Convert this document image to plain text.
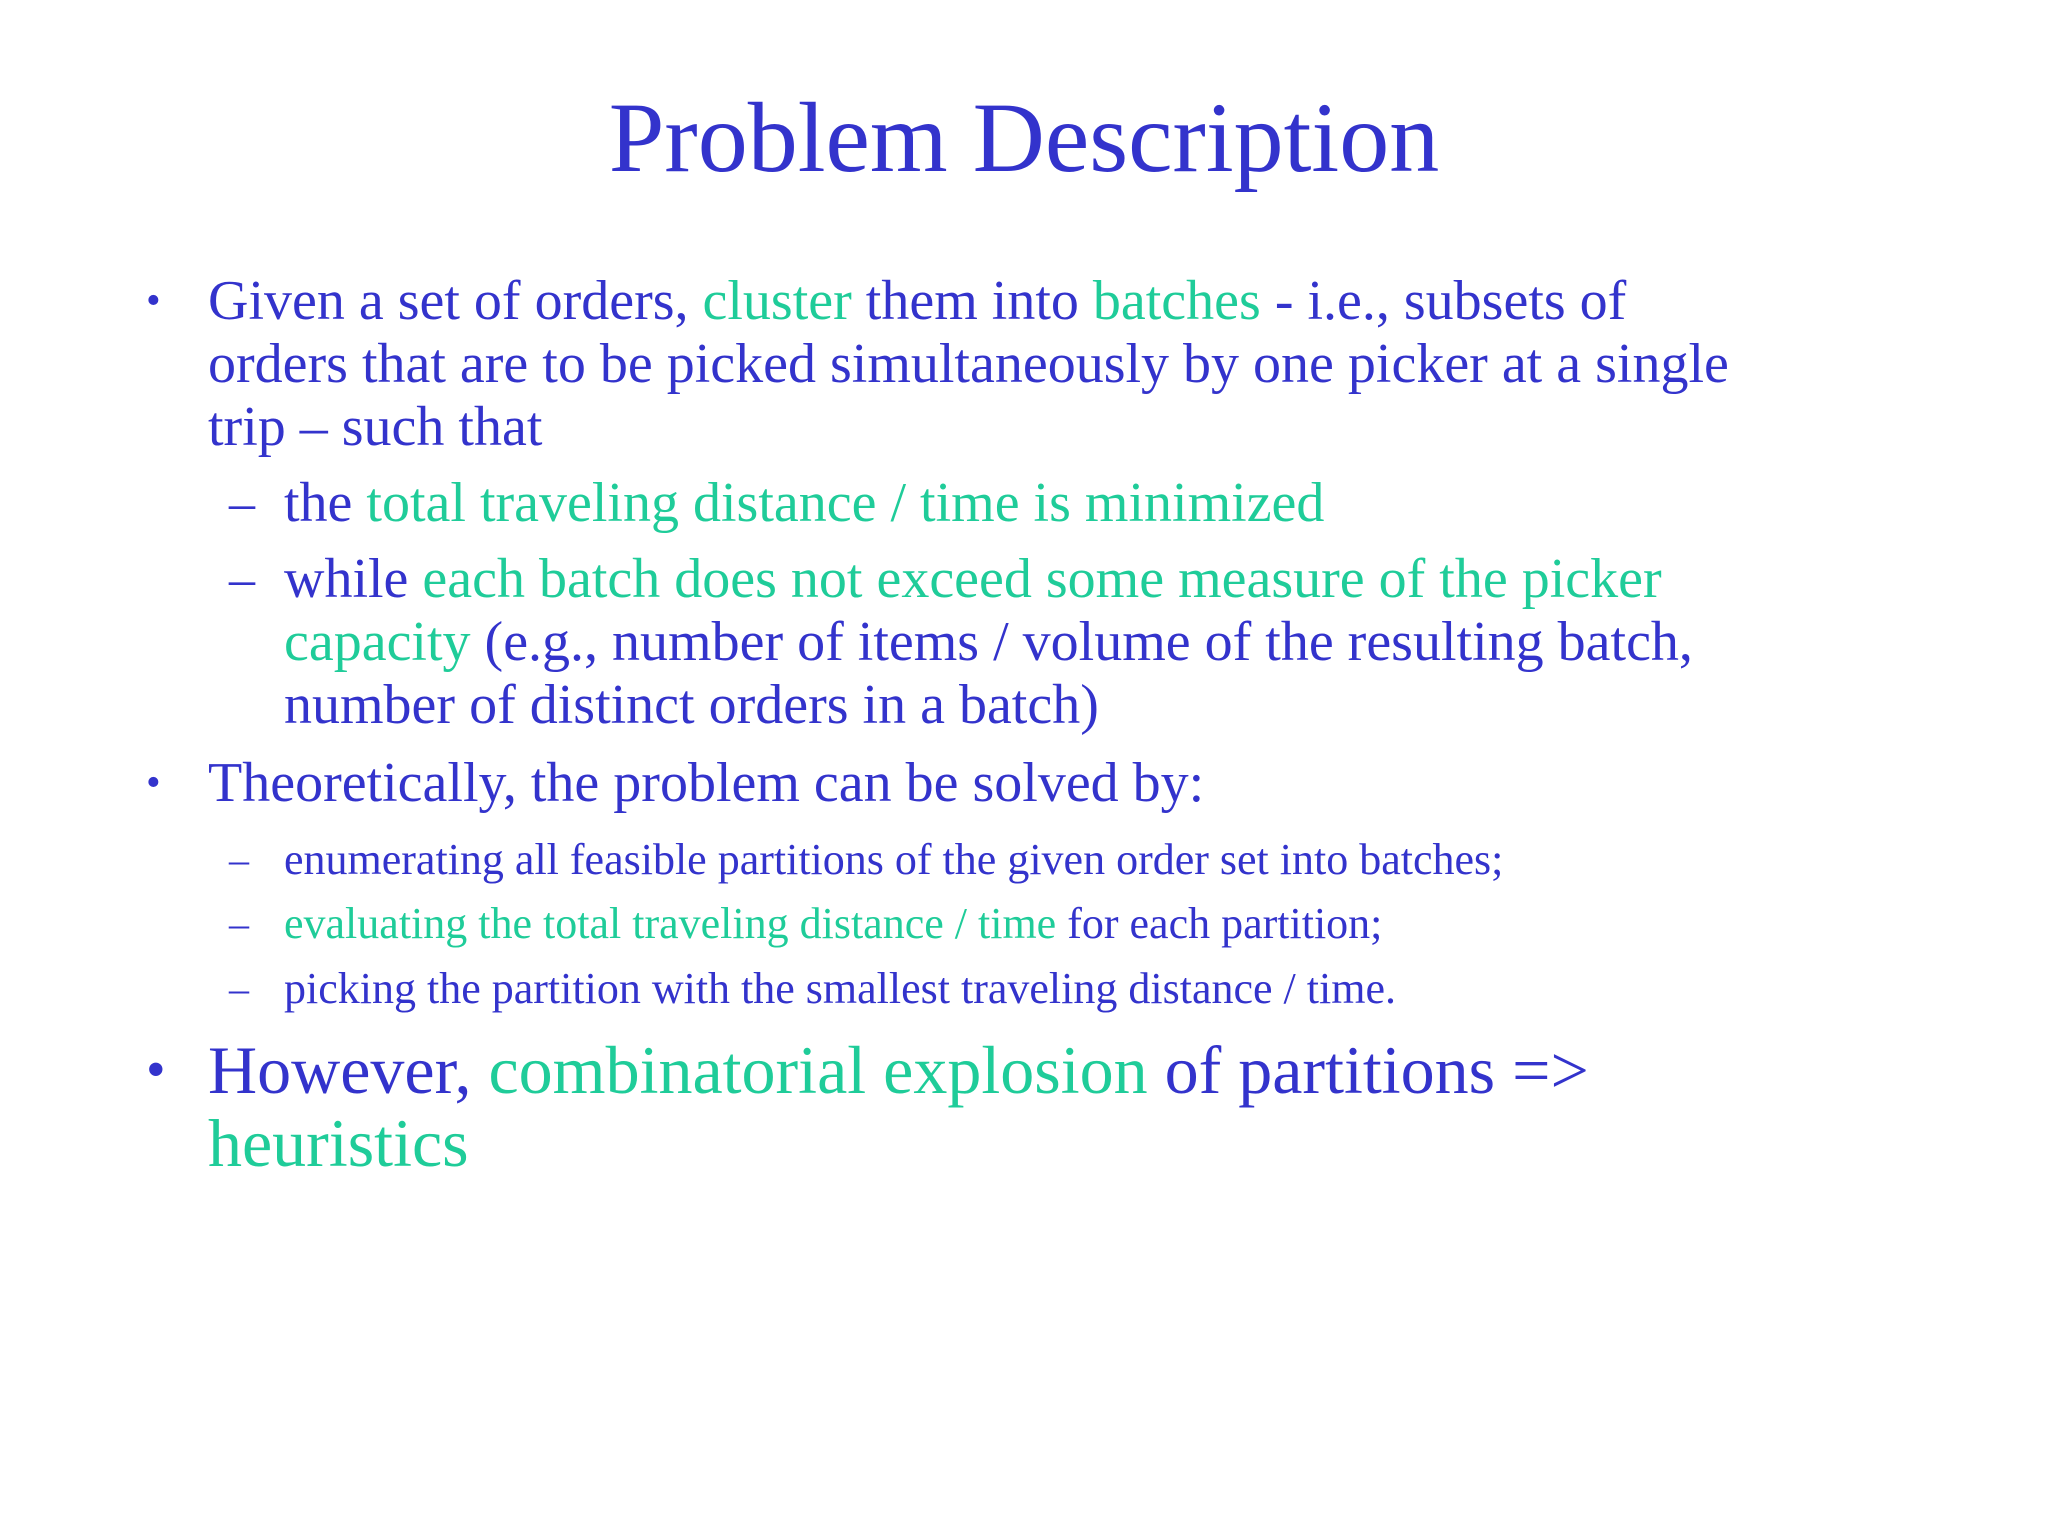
Problem Description
• Given a set of orders, cluster them into batches - i.e., subsets of
orders that are to be picked simultaneously by one picker at a single
trip – such that
– the total traveling distance / time is minimized
– while each batch does not exceed some measure of the picker
capacity (e.g., number of items / volume of the resulting batch,
number of distinct orders in a batch)
• Theoretically, the problem can be solved by:
– enumerating all feasible partitions of the given order set into batches;
– evaluating the total traveling distance / time for each partition;
– picking the partition with the smallest traveling distance / time.
• However, combinatorial explosion of partitions =>
heuristics
